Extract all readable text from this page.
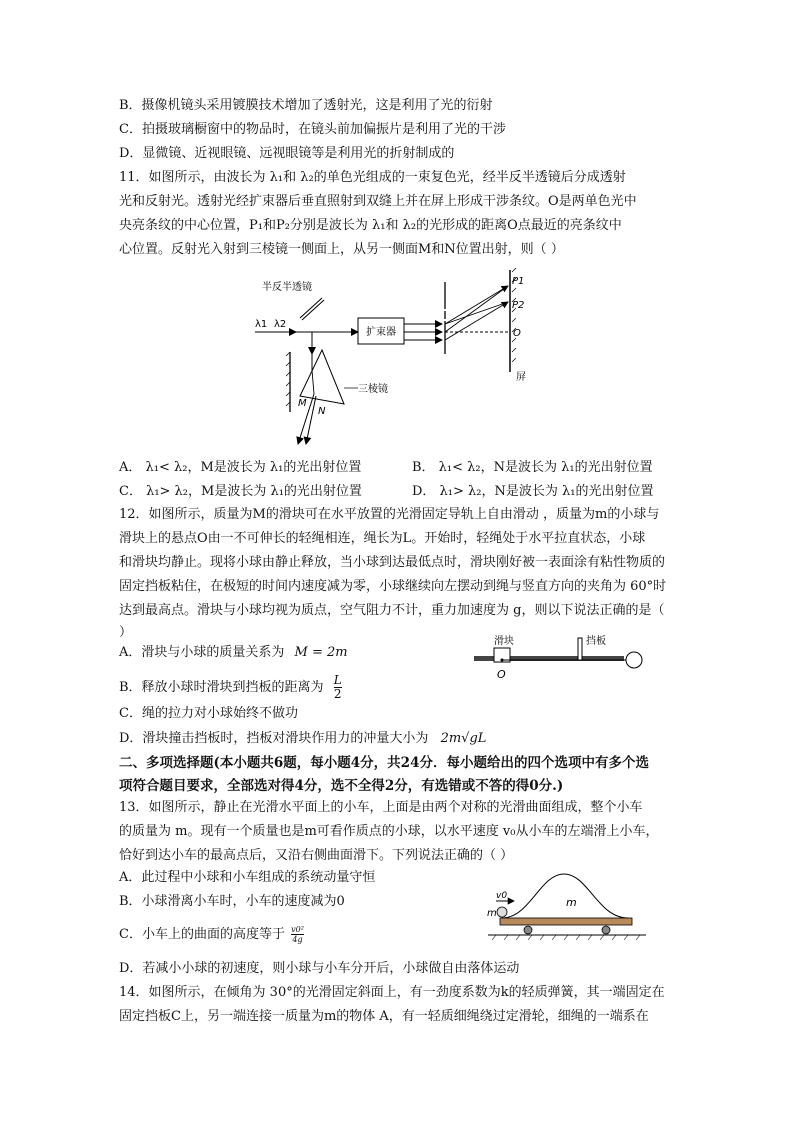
B．摄像机镜头采用镀膜技术增加了透射光，这是利用了光的衍射
C．拍摄玻璃橱窗中的物品时，在镜头前加偏振片是利用了光的干涉
D．显微镜、近视眼镜、远视眼镜等是利用光的折射制成的
11．如图所示，由波长为 λ₁和 λ₂的单色光组成的一束复色光，经半反半透镜后分成透射
光和反射光。透射光经扩束器后垂直照射到双缝上并在屏上形成干涉条纹。O是两单色光中
央亮条纹的中心位置，P₁和P₂分别是波长为 λ₁和 λ₂的光形成的距离O点最近的亮条纹中
心位置。反射光入射到三棱镜一侧面上，从另一侧面M和N位置出射，则（ ）
λ1 λ2
半反半透镜
扩束器
P1
P2
O
屏
M
N
三棱镜
A． λ₁< λ₂，M是波长为 λ₁的光出射位置	B． λ₁< λ₂，N是波长为 λ₁的光出射位置
C． λ₁> λ₂，M是波长为 λ₁的光出射位置	D． λ₁> λ₂，N是波长为 λ₁的光出射位置
12．如图所示，质量为M的滑块可在水平放置的光滑固定导轨上自由滑动 ，质量为m的小球与
滑块上的悬点O由一不可伸长的轻绳相连，绳长为L。开始时，轻绳处于水平拉直状态，小球
和滑块均静止。现将小球由静止释放，当小球到达最低点时，滑块刚好被一表面涂有粘性物质的
固定挡板粘住，在极短的时间内速度减为零，小球继续向左摆动到绳与竖直方向的夹角为 60°时
达到最高点。滑块与小球均视为质点，空气阻力不计，重力加速度为 g，则以下说法正确的是（
）
A．滑块与小球的质量关系为 M = 2m
B．释放小球时滑块到挡板的距离为 $\frac{L}{2}$
C．绳的拉力对小球始终不做功
D．滑块撞击挡板时，挡板对滑块作用力的冲量大小为 2m√gL
滑块	挡板
O
二、多项选择题(本小题共6题，每小题4分，共24分．每小题给出的四个选项中有多个选
项符合题目要求，全部选对得4分，选不全得2分，有选错或不答的得0分.)
13．如图所示，静止在光滑水平面上的小车，上面是由两个对称的光滑曲面组成，整个小车
的质量为 m。现有一个质量也是m可看作质点的小球，以水平速度 v₀从小车的左端滑上小车，
恰好到达小车的最高点后，又沿右侧曲面滑下。下列说法正确的（ ）
A．此过程中小球和小车组成的系统动量守恒
B．小球滑离小车时，小车的速度减为0
C．小车上的曲面的高度等于 $\frac{\text{v0²}}{4g}$
D．若减小小球的初速度，则小球与小车分开后，小球做自由落体运动
v0
m
m
14．如图所示，在倾角为 30°的光滑固定斜面上，有一劲度系数为k的轻质弹簧，其一端固定在
固定挡板C上，另一端连接一质量为m的物体 A，有一轻质细绳绕过定滑轮，细绳的一端系在
